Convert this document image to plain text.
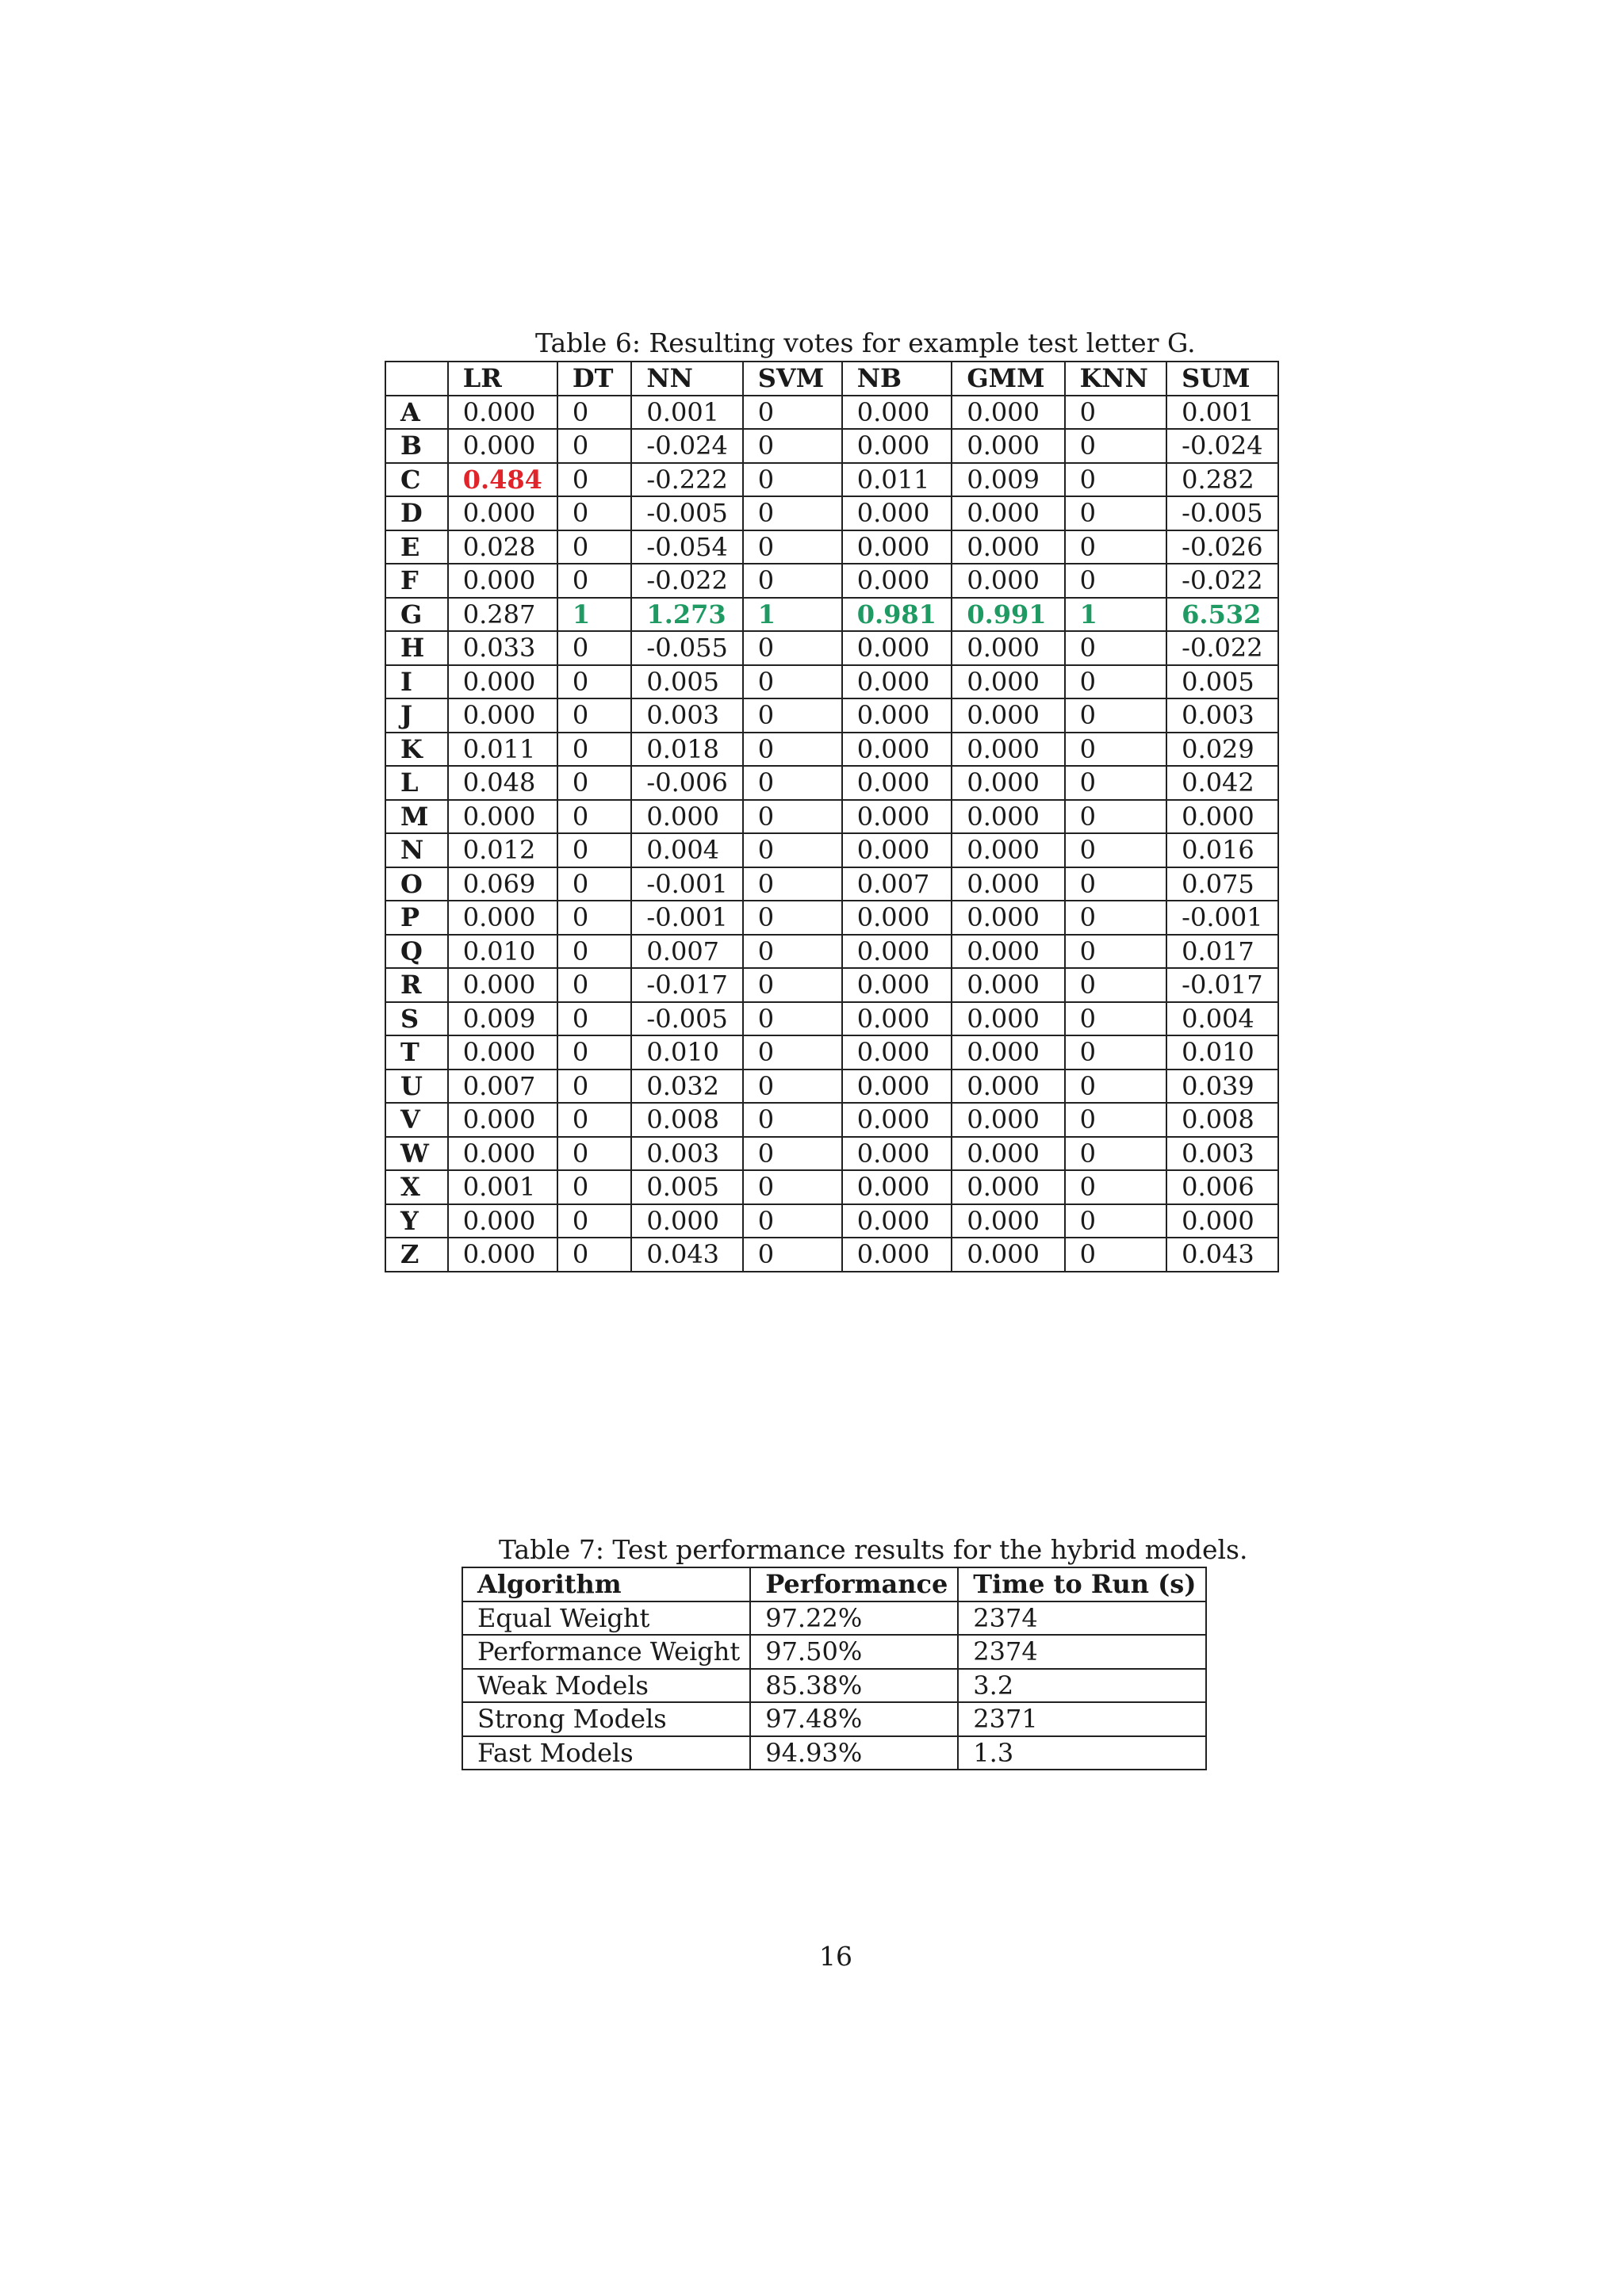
Table 6: Resulting votes for example test letter G.
	LR	DT	NN	SVM	NB	GMM	KNN	SUM
A	0.000	0	0.001	0	0.000	0.000	0	0.001
B	0.000	0	-0.024	0	0.000	0.000	0	-0.024
C	0.484	0	-0.222	0	0.011	0.009	0	0.282
D	0.000	0	-0.005	0	0.000	0.000	0	-0.005
E	0.028	0	-0.054	0	0.000	0.000	0	-0.026
F	0.000	0	-0.022	0	0.000	0.000	0	-0.022
G	0.287	1	1.273	1	0.981	0.991	1	6.532
H	0.033	0	-0.055	0	0.000	0.000	0	-0.022
I	0.000	0	0.005	0	0.000	0.000	0	0.005
J	0.000	0	0.003	0	0.000	0.000	0	0.003
K	0.011	0	0.018	0	0.000	0.000	0	0.029
L	0.048	0	-0.006	0	0.000	0.000	0	0.042
M	0.000	0	0.000	0	0.000	0.000	0	0.000
N	0.012	0	0.004	0	0.000	0.000	0	0.016
O	0.069	0	-0.001	0	0.007	0.000	0	0.075
P	0.000	0	-0.001	0	0.000	0.000	0	-0.001
Q	0.010	0	0.007	0	0.000	0.000	0	0.017
R	0.000	0	-0.017	0	0.000	0.000	0	-0.017
S	0.009	0	-0.005	0	0.000	0.000	0	0.004
T	0.000	0	0.010	0	0.000	0.000	0	0.010
U	0.007	0	0.032	0	0.000	0.000	0	0.039
V	0.000	0	0.008	0	0.000	0.000	0	0.008
W	0.000	0	0.003	0	0.000	0.000	0	0.003
X	0.001	0	0.005	0	0.000	0.000	0	0.006
Y	0.000	0	0.000	0	0.000	0.000	0	0.000
Z	0.000	0	0.043	0	0.000	0.000	0	0.043
Table 7: Test performance results for the hybrid models.
Algorithm	Performance	Time to Run (s)
Equal Weight	97.22%	2374
Performance Weight	97.50%	2374
Weak Models	85.38%	3.2
Strong Models	97.48%	2371
Fast Models	94.93%	1.3
16
